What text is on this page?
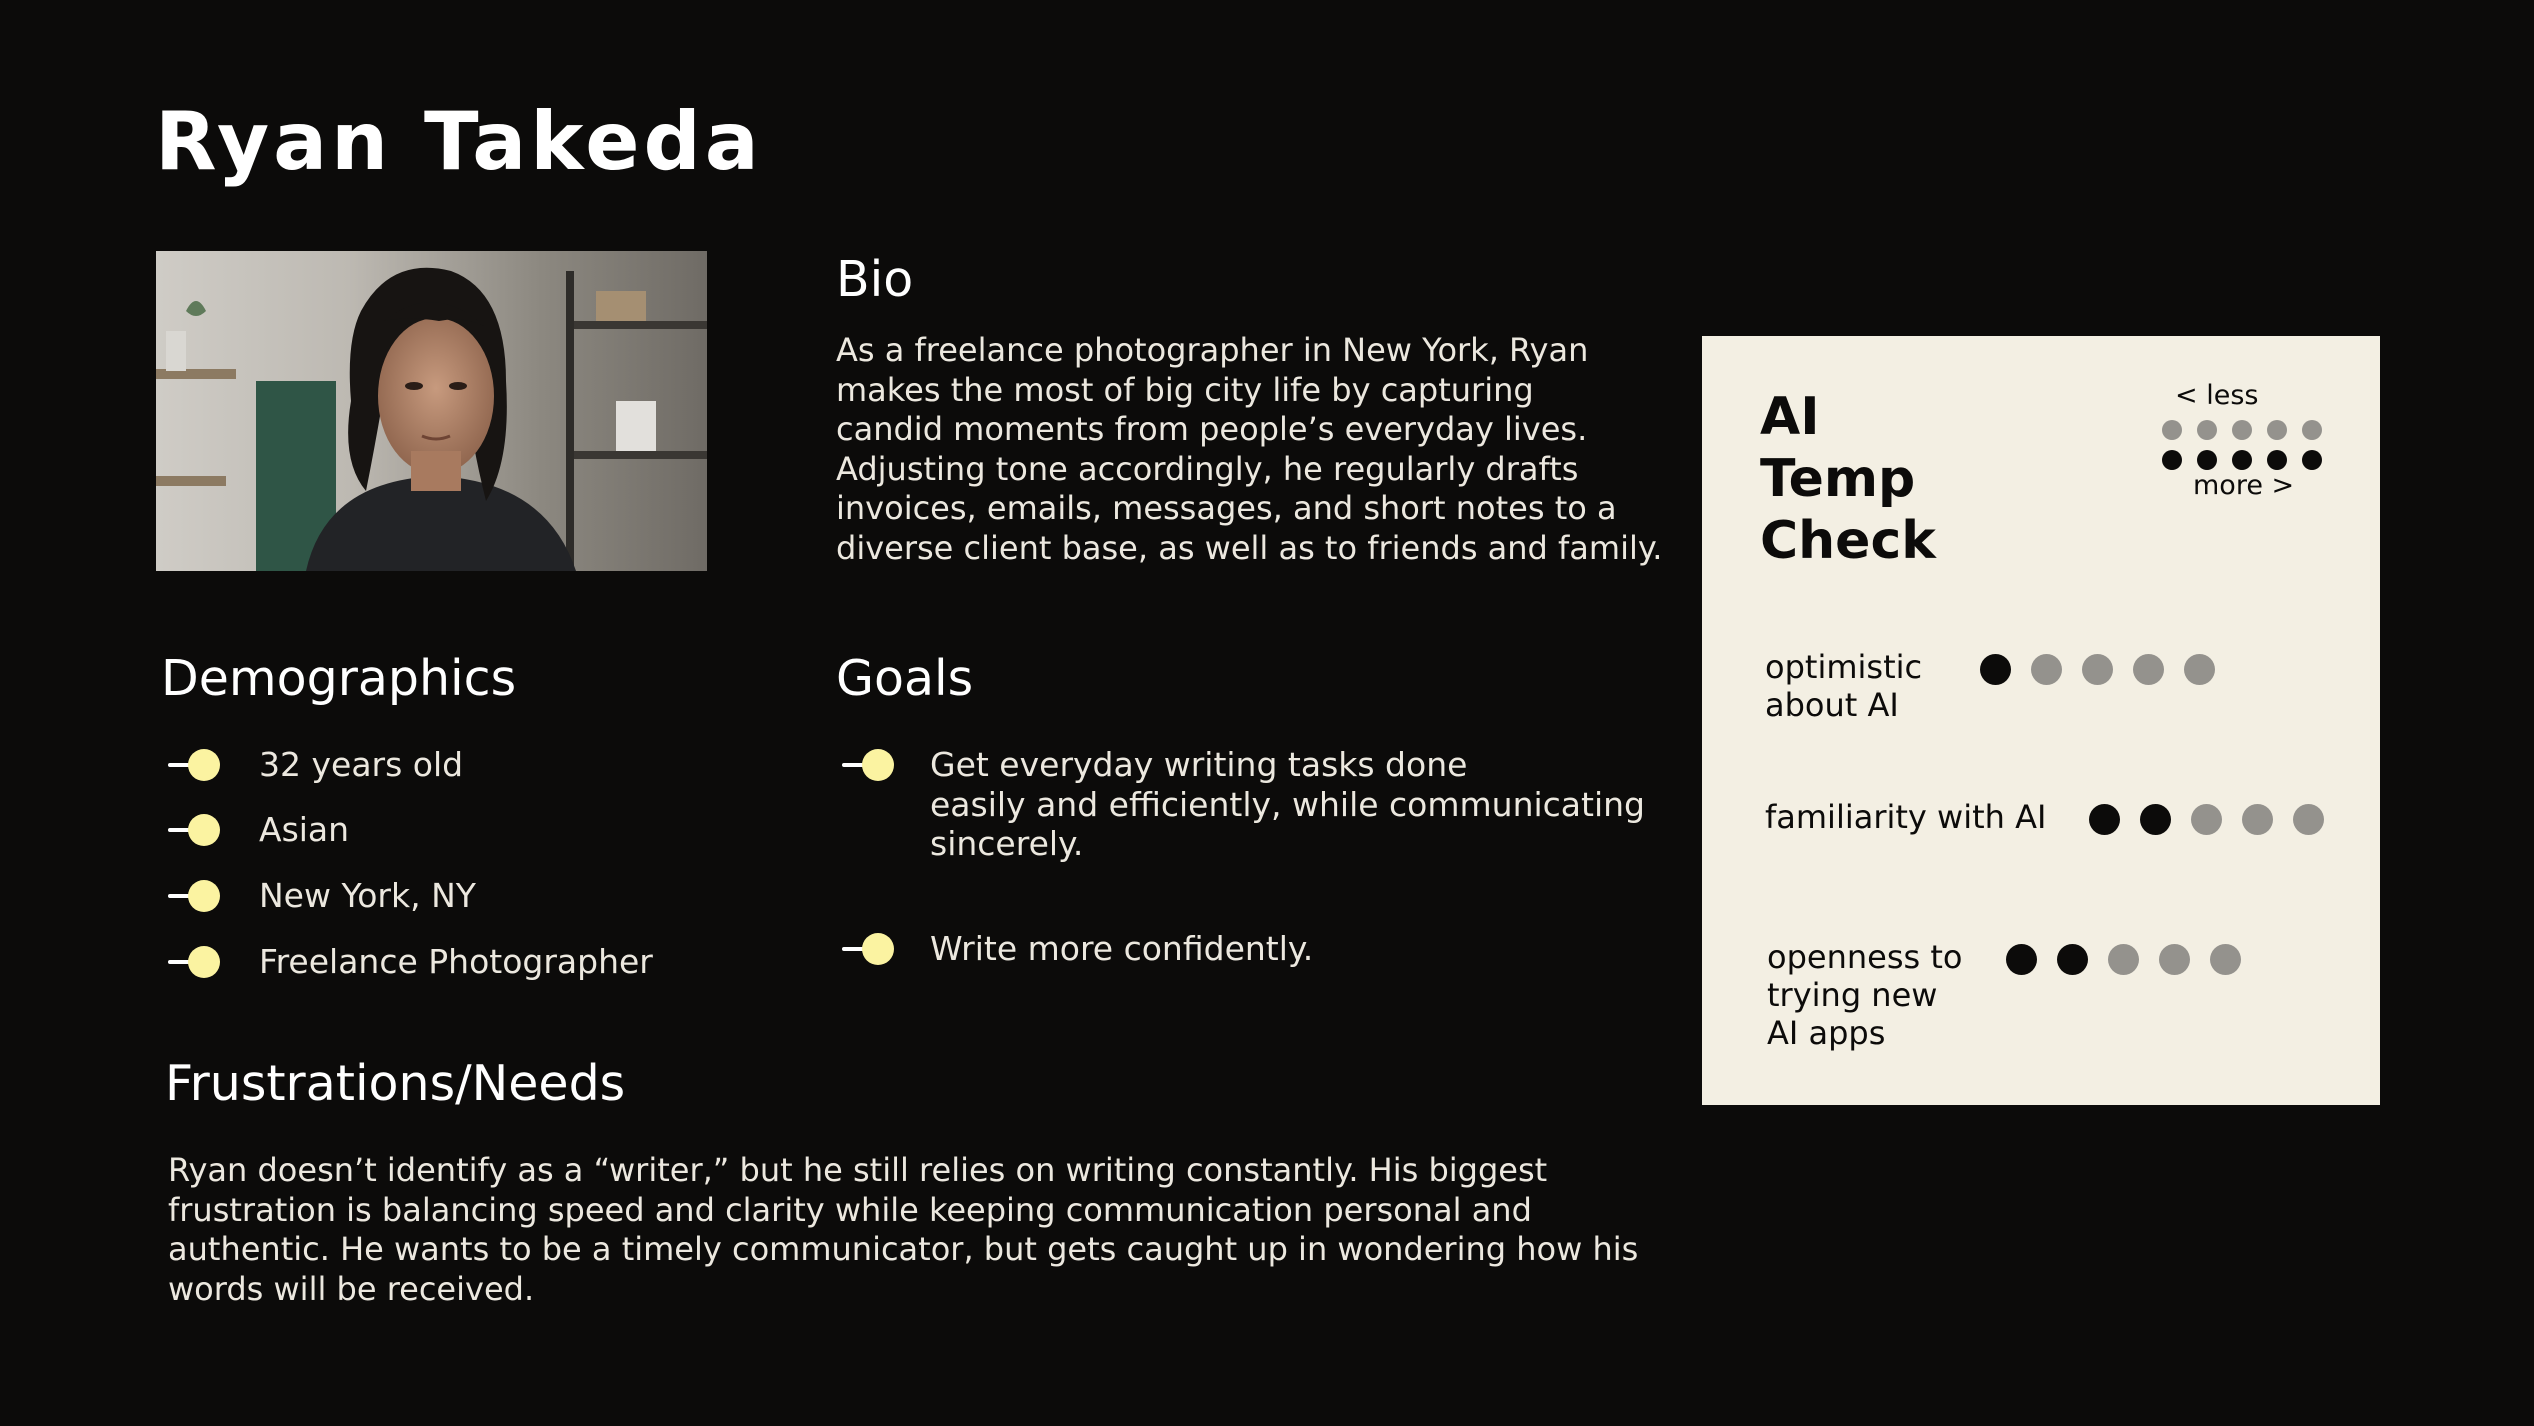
Ryan Takeda
Bio
As a freelance photographer in New York, Ryan
makes the most of big city life by capturing
candid moments from people’s everyday lives.
Adjusting tone accordingly, he regularly drafts
invoices, emails, messages, and short notes to a
diverse client base, as well as to friends and family.
Demographics
32 years old
Asian
New York, NY
Freelance Photographer
Goals
Get everyday writing tasks done
easily and efficiently, while communicating
sincerely.
Write more confidently.
Frustrations/Needs
Ryan doesn’t identify as a “writer,” but he still relies on writing constantly. His biggest
frustration is balancing speed and clarity while keeping communication personal and
authentic. He wants to be a timely communicator, but gets caught up in wondering how his
words will be received.
AI
Temp
Check
< less
more >
optimistic
about AI
familiarity with AI
openness to
trying new
AI apps
